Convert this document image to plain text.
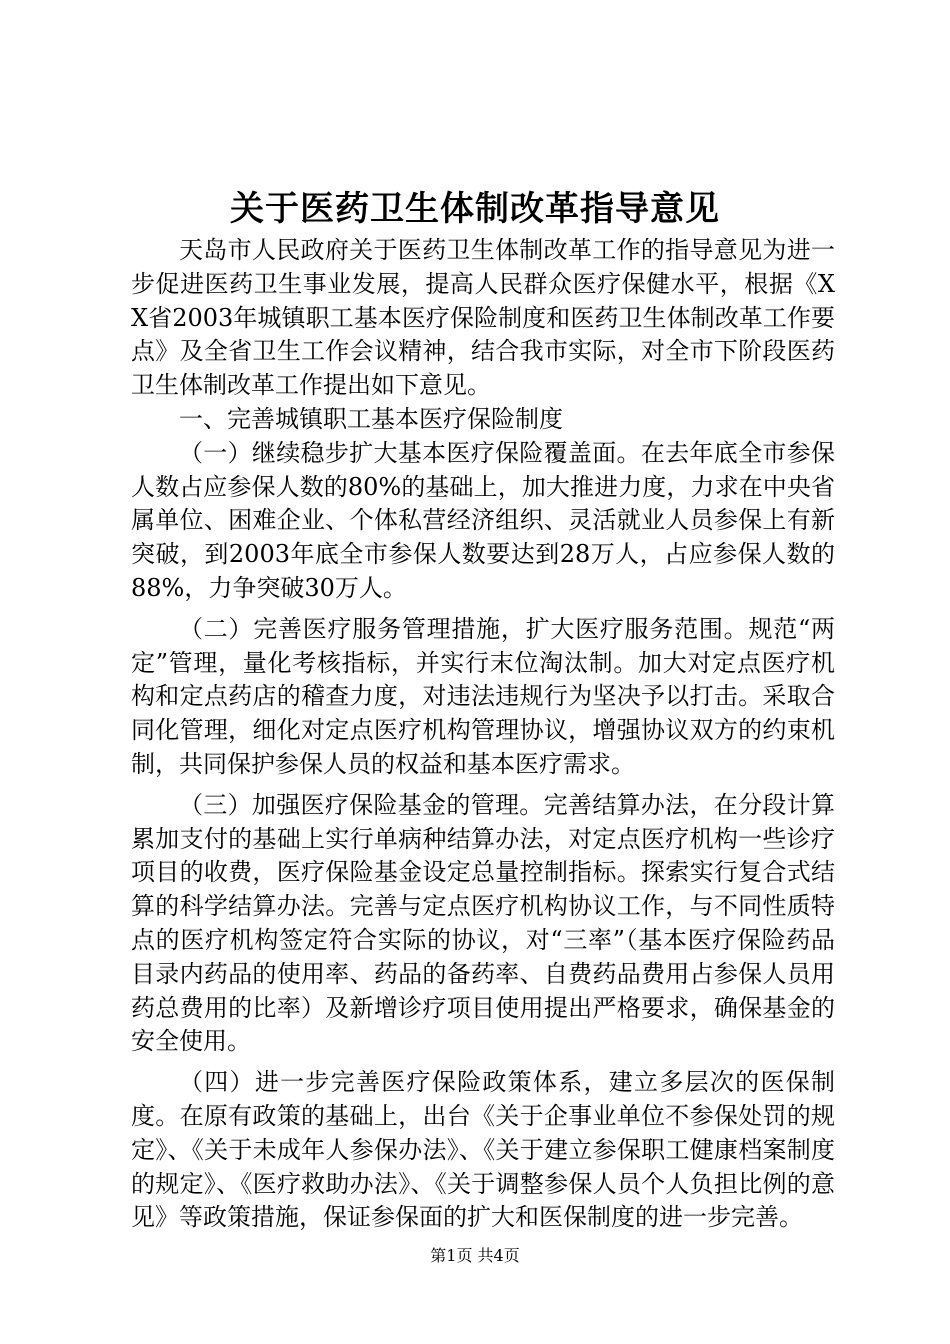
关于医药卫生体制改革指导意见

天岛市人民政府关于医药卫生体制改革工作的指导意见为进一步促进医药卫生事业发展，提高人民群众医疗保健水平，根据《XX省2003年城镇职工基本医疗保险制度和医药卫生体制改革工作要点》及全省卫生工作会议精神，结合我市实际，对全市下阶段医药卫生体制改革工作提出如下意见。

一、完善城镇职工基本医疗保险制度

（一）继续稳步扩大基本医疗保险覆盖面。在去年底全市参保人数占应参保人数的80%的基础上，加大推进力度，力求在中央省属单位、困难企业、个体私营经济组织、灵活就业人员参保上有新突破，到2003年底全市参保人数要达到28万人，占应参保人数的88%，力争突破30万人。

（二）完善医疗服务管理措施，扩大医疗服务范围。规范“两定”管理，量化考核指标，并实行末位淘汰制。加大对定点医疗机构和定点药店的稽查力度，对违法违规行为坚决予以打击。采取合同化管理，细化对定点医疗机构管理协议，增强协议双方的约束机制，共同保护参保人员的权益和基本医疗需求。

（三）加强医疗保险基金的管理。完善结算办法，在分段计算累加支付的基础上实行单病种结算办法，对定点医疗机构一些诊疗项目的收费，医疗保险基金设定总量控制指标。探索实行复合式结算的科学结算办法。完善与定点医疗机构协议工作，与不同性质特点的医疗机构签定符合实际的协议，对“三率”（基本医疗保险药品目录内药品的使用率、药品的备药率、自费药品费用占参保人员用药总费用的比率）及新增诊疗项目使用提出严格要求，确保基金的安全使用。

（四）进一步完善医疗保险政策体系，建立多层次的医保制度。在原有政策的基础上，出台《关于企事业单位不参保处罚的规定》、《关于未成年人参保办法》、《关于建立参保职工健康档案制度的规定》、《医疗救助办法》、《关于调整参保人员个人负担比例的意见》等政策措施，保证参保面的扩大和医保制度的进一步完善。

第1页 共4页
